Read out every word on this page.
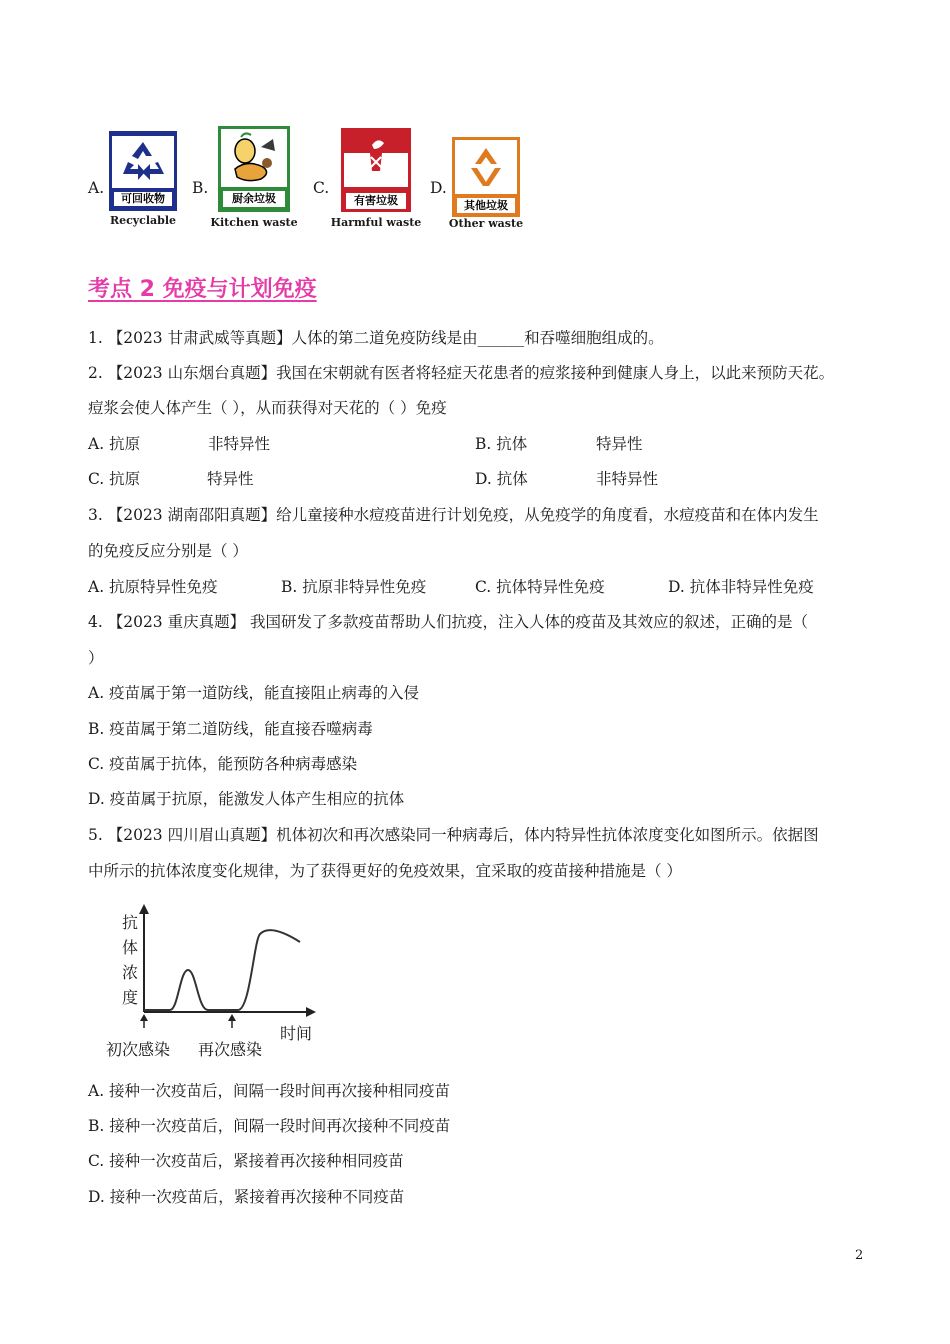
A.
可回收物
Recyclable
B.
厨余垃圾
Kitchen waste
C.
有害垃圾
Harmful waste
D.
其他垃圾
Other waste
考点 2 免疫与计划免疫
1. 【2023 甘肃武威等真题】人体的第二道免疫防线是由______和吞噬细胞组成的。
2. 【2023 山东烟台真题】我国在宋朝就有医者将轻症天花患者的痘浆接种到健康人身上，以此来预防天花。
痘浆会使人体产生（ ），从而获得对天花的（ ）免疫
A. 抗原	非特异性	B. 抗体	特异性
C. 抗原	特异性	D. 抗体	非特异性
3. 【2023 湖南邵阳真题】给儿童接种水痘疫苗进行计划免疫，从免疫学的角度看，水痘疫苗和在体内发生
的免疫反应分别是（ ）
A. 抗原特异性免疫	B. 抗原非特异性免疫	C. 抗体特异性免疫	D. 抗体非特异性免疫
4. 【2023 重庆真题】 我国研发了多款疫苗帮助人们抗疫，注入人体的疫苗及其效应的叙述，正确的是（
）
A. 疫苗属于第一道防线，能直接阻止病毒的入侵
B. 疫苗属于第二道防线，能直接吞噬病毒
C. 疫苗属于抗体，能预防各种病毒感染
D. 疫苗属于抗原，能激发人体产生相应的抗体
5. 【2023 四川眉山真题】机体初次和再次感染同一种病毒后，体内特异性抗体浓度变化如图所示。依据图
中所示的抗体浓度变化规律，为了获得更好的免疫效果，宜采取的疫苗接种措施是（ ）
抗
体
浓
度
时间
初次感染 再次感染
A. 接种一次疫苗后，间隔一段时间再次接种相同疫苗
B. 接种一次疫苗后，间隔一段时间再次接种不同疫苗
C. 接种一次疫苗后，紧接着再次接种相同疫苗
D. 接种一次疫苗后，紧接着再次接种不同疫苗
2
